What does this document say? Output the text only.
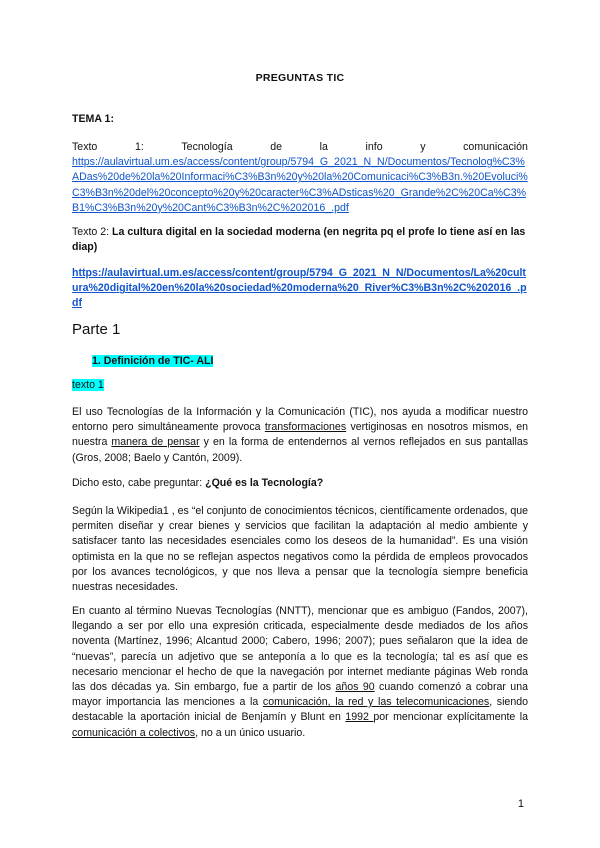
PREGUNTAS TIC
TEMA 1:
Texto	1:	Tecnología	de	la	info	y	comunicación
https://aulavirtual.um.es/access/content/group/5794_G_2021_N_N/Documentos/Tecnolog%C3%ADas%20de%20la%20Informaci%C3%B3n%20y%20la%20Comunicaci%C3%B3n.%20Evoluci%C3%B3n%20del%20concepto%20y%20caracter%C3%ADsticas%20_Grande%2C%20Ca%C3%B1%C3%B3n%20y%20Cant%C3%B3n%2C%202016_.pdf
Texto 2: La cultura digital en la sociedad moderna (en negrita pq el profe lo tiene así en las diap)
https://aulavirtual.um.es/access/content/group/5794_G_2021_N_N/Documentos/La%20cultura%20digital%20en%20la%20sociedad%20moderna%20_River%C3%B3n%2C%202016_.pdf
Parte 1
1. Definición de TIC- ALI
texto 1
El uso Tecnologías de la Información y la Comunicación (TIC), nos ayuda a modificar nuestro entorno pero simultáneamente provoca transformaciones vertiginosas en nosotros mismos, en nuestra manera de pensar y en la forma de entendernos al vernos reflejados en sus pantallas (Gros, 2008; Baelo y Cantón, 2009).
Dicho esto, cabe preguntar: ¿Qué es la Tecnología?
Según la Wikipedia1 , es “el conjunto de conocimientos técnicos, científicamente ordenados, que permiten diseñar y crear bienes y servicios que facilitan la adaptación al medio ambiente y satisfacer tanto las necesidades esenciales como los deseos de la humanidad”. Es una visión optimista en la que no se reflejan aspectos negativos como la pérdida de empleos provocados por los avances tecnológicos, y que nos lleva a pensar que la tecnología siempre beneficia nuestras necesidades.
En cuanto al término Nuevas Tecnologías (NNTT), mencionar que es ambiguo (Fandos, 2007), llegando a ser por ello una expresión criticada, especialmente desde mediados de los años noventa (Martínez, 1996; Alcantud 2000; Cabero, 1996; 2007); pues señalaron que la idea de “nuevas”, parecía un adjetivo que se anteponía a lo que es la tecnología; tal es así que es necesario mencionar el hecho de que la navegación por internet mediante páginas Web ronda las dos décadas ya. Sin embargo, fue a partir de los años 90 cuando comenzó a cobrar una mayor importancia las menciones a la comunicación, la red y las telecomunicaciones, siendo destacable la aportación inicial de Benjamín y Blunt en 1992 por mencionar explícitamente la comunicación a colectivos, no a un único usuario.
1
